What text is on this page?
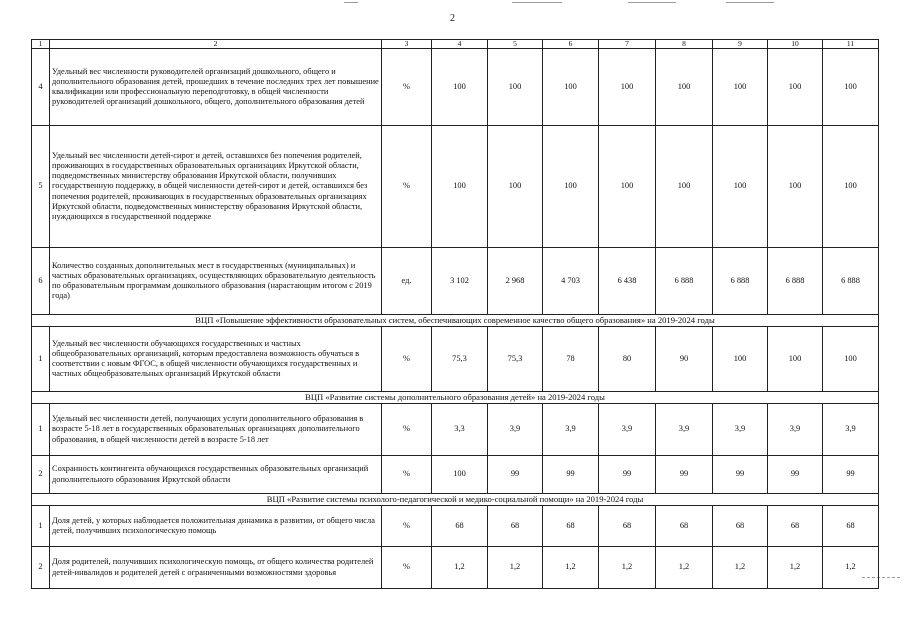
2
1	2	3	4	5	6	7	8	9	10	11
4	Удельный вес численности руководителей организаций дошкольного, общего и дополнительного образования детей, прошедших в течение последних трех лет повышение квалификации или профессиональную переподготовку, в общей численности руководителей организаций дошкольного, общего, дополнительного образования детей	%	100	100	100	100	100	100	100	100
5	Удельный вес численности детей-сирот и детей, оставшихся без попечения родителей, проживающих в государственных образовательных организациях Иркутской области, подведомственных министерству образования Иркутской области, получивших государственную поддержку, в общей численности детей-сирот и детей, оставшихся без попечения родителей, проживающих в государственных образовательных организациях Иркутской области, подведомственных министерству образования Иркутской области, нуждающихся в государственной поддержке	%	100	100	100	100	100	100	100	100
6	Количество созданных дополнительных мест в государственных (муниципальных) и частных образовательных организациях, осуществляющих образовательную деятельность по образовательным программам дошкольного образования (нарастающим итогом с 2019 года)	ед.	3 102	2 968	4 703	6 438	6 888	6 888	6 888	6 888
ВЦП «Повышение эффективности образовательных систем, обеспечивающих современное качество общего образования» на 2019-2024 годы										
1	Удельный вес численности обучающихся государственных и частных общеобразовательных организаций, которым предоставлена возможность обучаться в соответствии с новым ФГОС, в общей численности обучающихся государственных и частных общеобразовательных организаций Иркутской области	%	75,3	75,3	78	80	90	100	100	100
ВЦП «Развитие системы дополнительного образования детей» на 2019-2024 годы										
1	Удельный вес численности детей, получающих услуги дополнительного образования в возрасте 5-18 лет в государственных образовательных организациях дополнительного образования, в общей численности детей в возрасте 5-18 лет	%	3,3	3,9	3,9	3,9	3,9	3,9	3,9	3,9
2	Сохранность контингента обучающихся государственных образовательных организаций дополнительного образования Иркутской области	%	100	99	99	99	99	99	99	99
ВЦП «Развитие системы психолого-педагогической и медико-социальной помощи» на 2019-2024 годы										
1	Доля детей, у которых наблюдается положительная динамика в развитии, от общего числа детей, получивших психологическую помощь	%	68	68	68	68	68	68	68	68
2	Доля родителей, получивших психологическую помощь, от общего количества родителей детей-инвалидов и родителей детей с ограниченными возможностями здоровья	%	1,2	1,2	1,2	1,2	1,2	1,2	1,2	1,2
